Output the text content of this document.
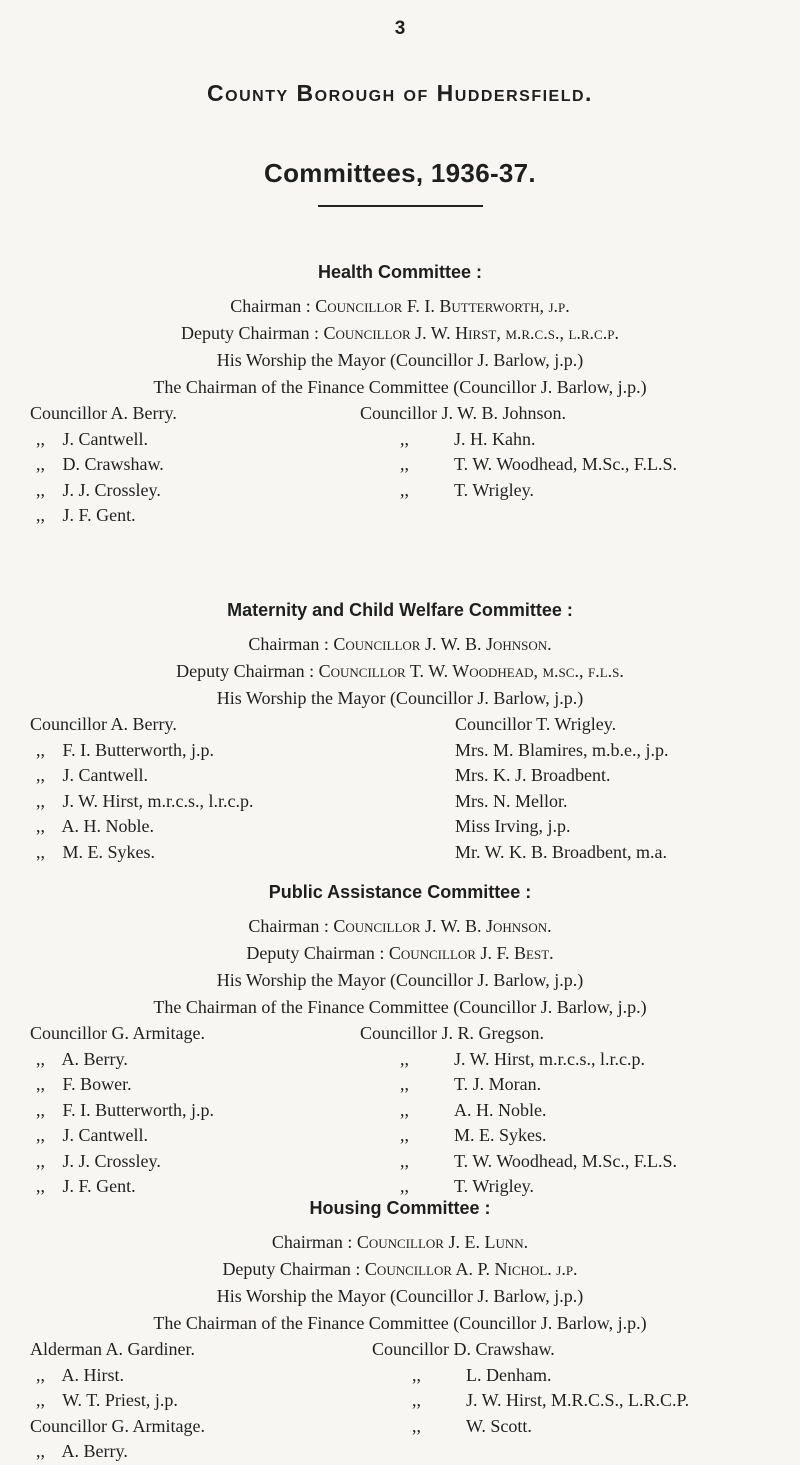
3
County Borough of Huddersfield.
Committees, 1936-37.
Health Committee :
Chairman : Councillor F. I. Butterworth, j.p.
Deputy Chairman : Councillor J. W. Hirst, m.r.c.s., l.r.c.p.
His Worship the Mayor (Councillor J. Barlow, j.p.)
The Chairman of the Finance Committee (Councillor J. Barlow, j.p.)
Councillor A. Berry.
,, J. Cantwell.
,, D. Crawshaw.
,, J. J. Crossley.
,, J. F. Gent.
Councillor J. W. B. Johnson.
,,	J. H. Kahn.
,,	T. W. Woodhead, M.Sc., F.L.S.
,,	T. Wrigley.
Maternity and Child Welfare Committee :
Chairman : Councillor J. W. B. Johnson.
Deputy Chairman : Councillor T. W. Woodhead, m.sc., f.l.s.
His Worship the Mayor (Councillor J. Barlow, j.p.)
Councillor A. Berry.
,, F. I. Butterworth, j.p.
,, J. Cantwell.
,, J. W. Hirst, m.r.c.s., l.r.c.p.
,, A. H. Noble.
,, M. E. Sykes.
Councillor T. Wrigley.
Mrs. M. Blamires, m.b.e., j.p.
Mrs. K. J. Broadbent.
Mrs. N. Mellor.
Miss Irving, j.p.
Mr. W. K. B. Broadbent, m.a.
Public Assistance Committee :
Chairman : Councillor J. W. B. Johnson.
Deputy Chairman : Councillor J. F. Best.
His Worship the Mayor (Councillor J. Barlow, j.p.)
The Chairman of the Finance Committee (Councillor J. Barlow, j.p.)
Councillor G. Armitage.
,, A. Berry.
,, F. Bower.
,, F. I. Butterworth, j.p.
,, J. Cantwell.
,, J. J. Crossley.
,, J. F. Gent.
Councillor J. R. Gregson.
,,	J. W. Hirst, m.r.c.s., l.r.c.p.
,,	T. J. Moran.
,,	A. H. Noble.
,,	M. E. Sykes.
,,	T. W. Woodhead, M.Sc., F.L.S.
,,	T. Wrigley.
Housing Committee :
Chairman : Councillor J. E. Lunn.
Deputy Chairman : Councillor A. P. Nichol. j.p.
His Worship the Mayor (Councillor J. Barlow, j.p.)
The Chairman of the Finance Committee (Councillor J. Barlow, j.p.)
Alderman A. Gardiner.
,, A. Hirst.
,, W. T. Priest, j.p.
Councillor G. Armitage.
,, A. Berry.
Councillor D. Crawshaw.
,,	L. Denham.
,,	J. W. Hirst, M.R.C.S., L.R.C.P.
,,	W. Scott.
